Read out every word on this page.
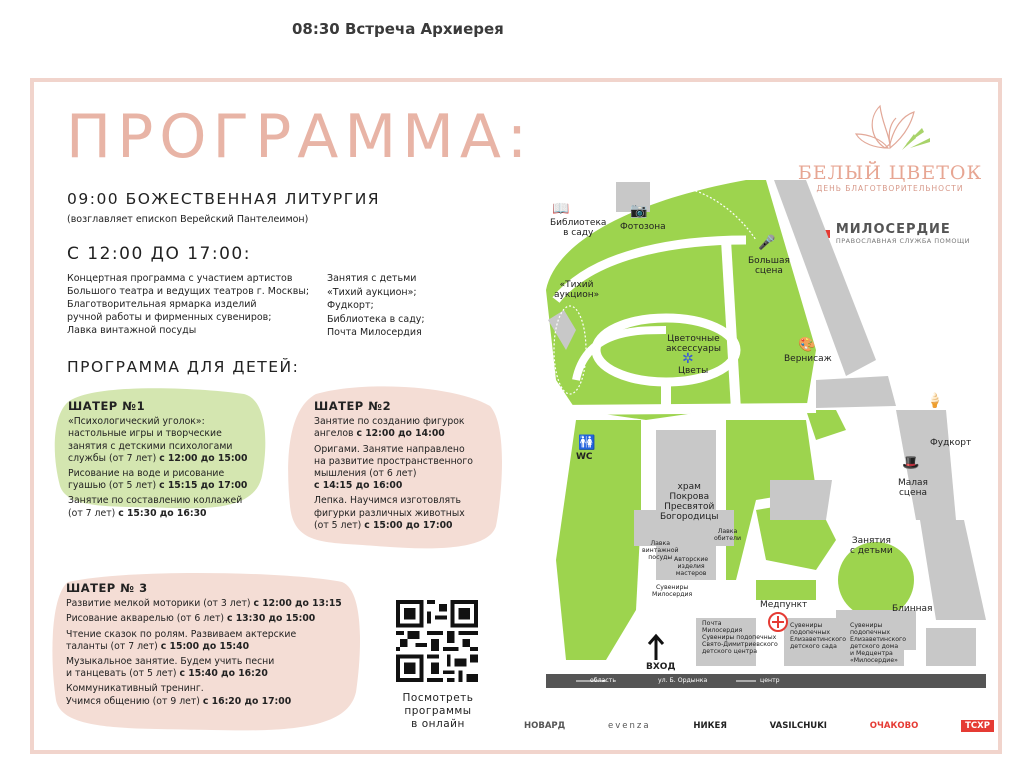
08:30 Встреча Архиерея
ПРОГРАММА:
БЕЛЫЙ ЦВЕТОК
ДЕНЬ БЛАГОТВОРИТЕЛЬНОСТИ
МИЛОСЕРДИЕ
ПРАВОСЛАВНАЯ СЛУЖБА ПОМОЩИ
09:00 БОЖЕСТВЕННАЯ ЛИТУРГИЯ
(возглавляет епископ Верейский Пантелеимон)
С 12:00 ДО 17:00:
Концертная программа с участием артистов
Большого театра и ведущих театров г. Москвы;
Благотворительная ярмарка изделий
ручной работы и фирменных сувениров;
Лавка винтажной посуды
Занятия с детьми
«Тихий аукцион»;
Фудкорт;
Библиотека в саду;
Почта Милосердия
ПРОГРАММА ДЛЯ ДЕТЕЙ:
ШАТЕР №1
«Психологический уголок»:
настольные игры и творческие
занятия с детскими психологами
службы (от 7 лет) с 12:00 до 15:00
Рисование на воде и рисование
гуашью (от 5 лет) с 15:15 до 17:00
Занятие по составлению коллажей
(от 7 лет) с 15:30 до 16:30
ШАТЕР №2
Занятие по созданию фигурок
ангелов с 12:00 до 14:00
Оригами. Занятие направлено
на развитие пространственного
мышления (от 6 лет)
с 14:15 до 16:00
Лепка. Научимся изготовлять
фигурки различных животных
(от 5 лет) с 15:00 до 17:00
ШАТЕР № 3
Развитие мелкой моторики (от 3 лет) с 12:00 до 13:15
Рисование акварелью (от 6 лет) с 13:30 до 15:00
Чтение сказок по ролям. Развиваем актерские
таланты (от 7 лет) с 15:00 до 15:40
Музыкальное занятие. Будем учить песни
и танцевать (от 5 лет) с 15:40 до 16:20
Коммуникативный тренинг.
Учимся общению (от 9 лет) с 16:20 до 17:00	Посмотреть
программы
в онлайн
Библиотека
в саду
Фотозона
Большая
сцена
«Тихий
аукцион»
Цветочные
аксессуары
Цветы
Вернисаж
Фудкорт
WC
Малая
сцена
храм
Покрова
Пресвятой
Богородицы
Лавка
винтажной
посуды
Лавка
обители
Авторские
изделия
мастеров
Сувениры
Милосердия
Занятия
с детьми
Медпункт	Блинная
Почта
Милосердия
Сувениры подопечных
Свято-Димитриевского
детского центра
Сувениры
подопечных
Елизаветинского
детского сада
Сувениры
подопечных
Елизаветинского
детского дома
и Медцентра
«Милосердие»
ВХОД
область	ул. Б. Ордынка	центр
📖	📷
🎤
✲
🎨
🍦
🚻
🎩
НОВАРД	evenza	НИКЕЯ	VASILCHUKI	ОЧАКОВО	TCXP
